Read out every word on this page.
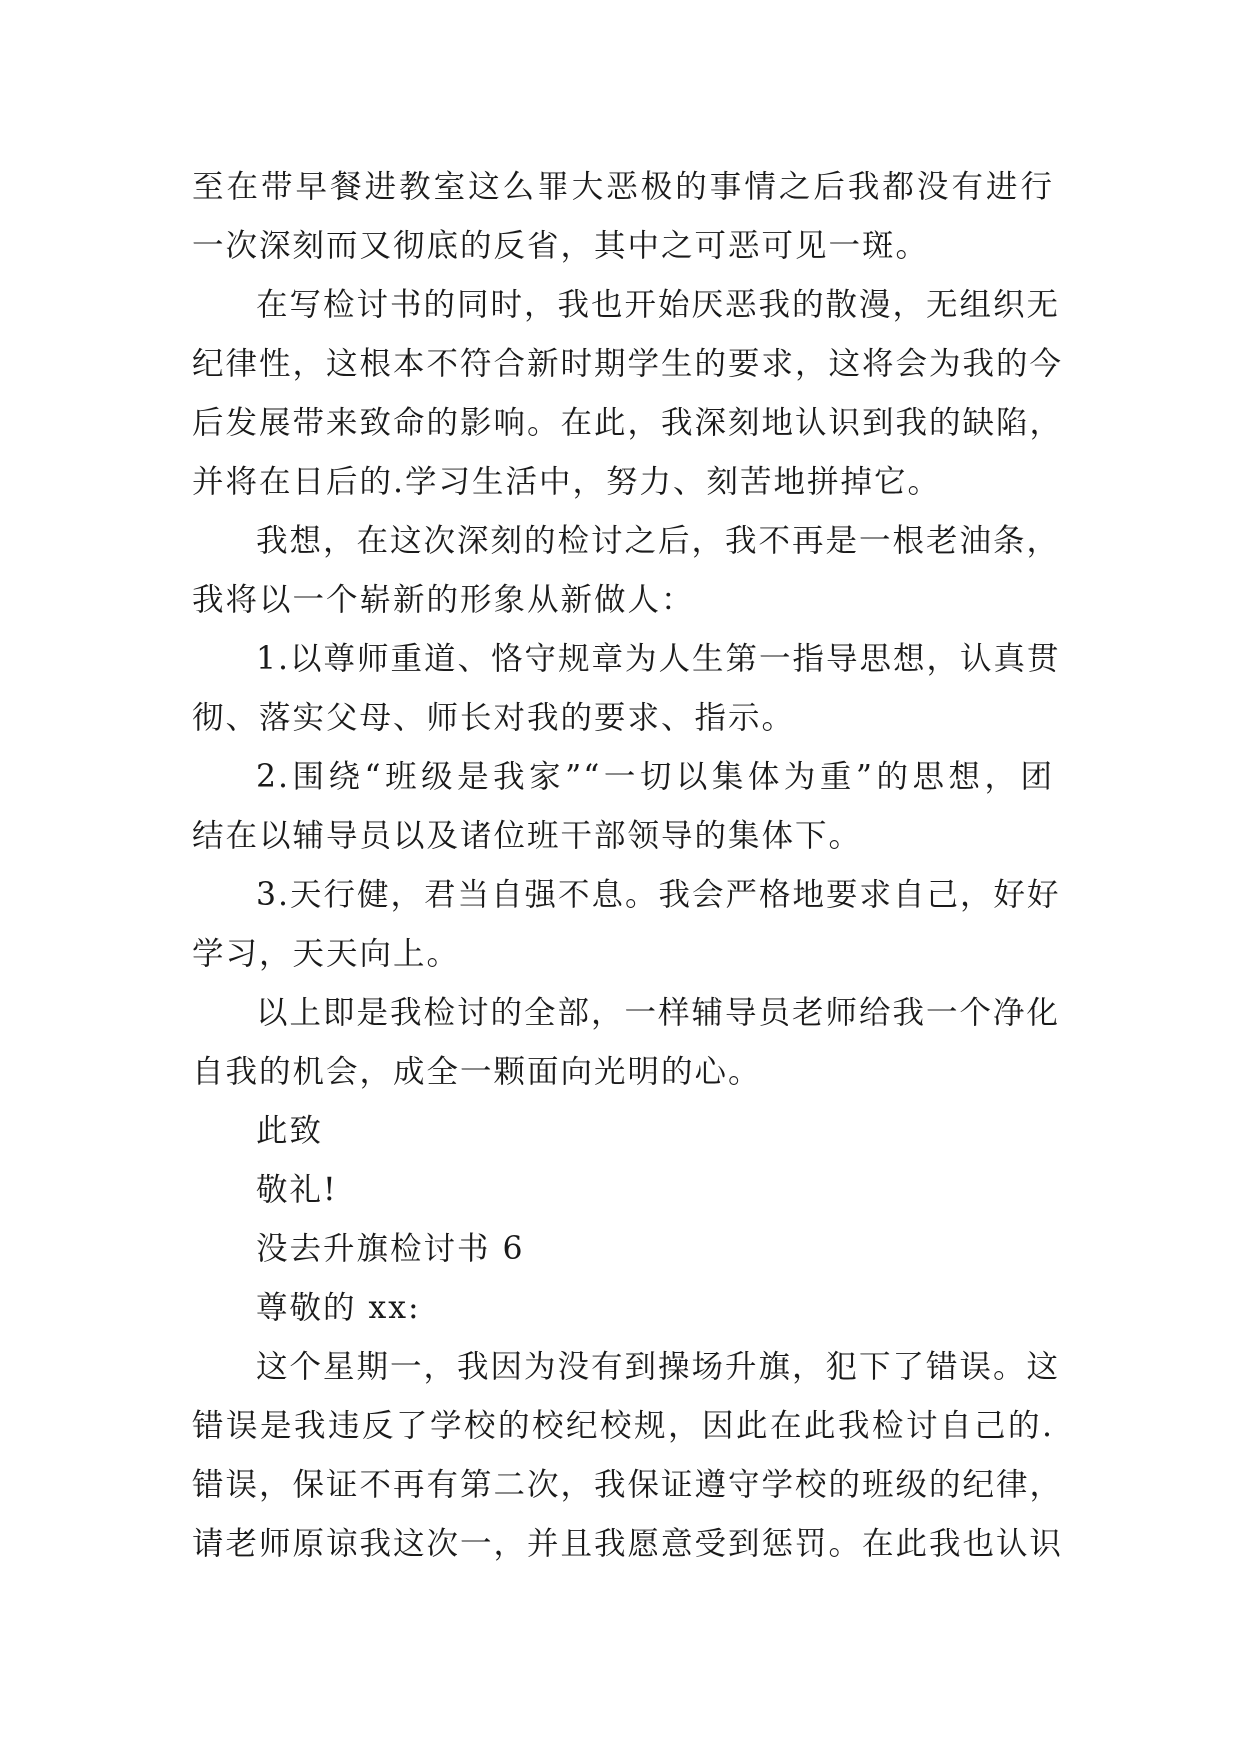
至在带早餐进教室这么罪大恶极的事情之后我都没有进行
一次深刻而又彻底的反省，其中之可恶可见一斑。
在写检讨书的同时，我也开始厌恶我的散漫，无组织无
纪律性，这根本不符合新时期学生的要求，这将会为我的今
后发展带来致命的影响。在此，我深刻地认识到我的缺陷，
并将在日后的.学习生活中，努力、刻苦地拼掉它。
我想，在这次深刻的检讨之后，我不再是一根老油条，
我将以一个崭新的形象从新做人：
1.以尊师重道、恪守规章为人生第一指导思想，认真贯
彻、落实父母、师长对我的要求、指示。
2.围绕“班级是我家”“一切以集体为重”的思想，团
结在以辅导员以及诸位班干部领导的集体下。
3.天行健，君当自强不息。我会严格地要求自己，好好
学习，天天向上。
以上即是我检讨的全部，一样辅导员老师给我一个净化
自我的机会，成全一颗面向光明的心。
此致
敬礼!
没去升旗检讨书 6
尊敬的 xx:
这个星期一，我因为没有到操场升旗，犯下了错误。这
错误是我违反了学校的校纪校规，因此在此我检讨自己的.
错误，保证不再有第二次，我保证遵守学校的班级的纪律，
请老师原谅我这次一，并且我愿意受到惩罚。在此我也认识
